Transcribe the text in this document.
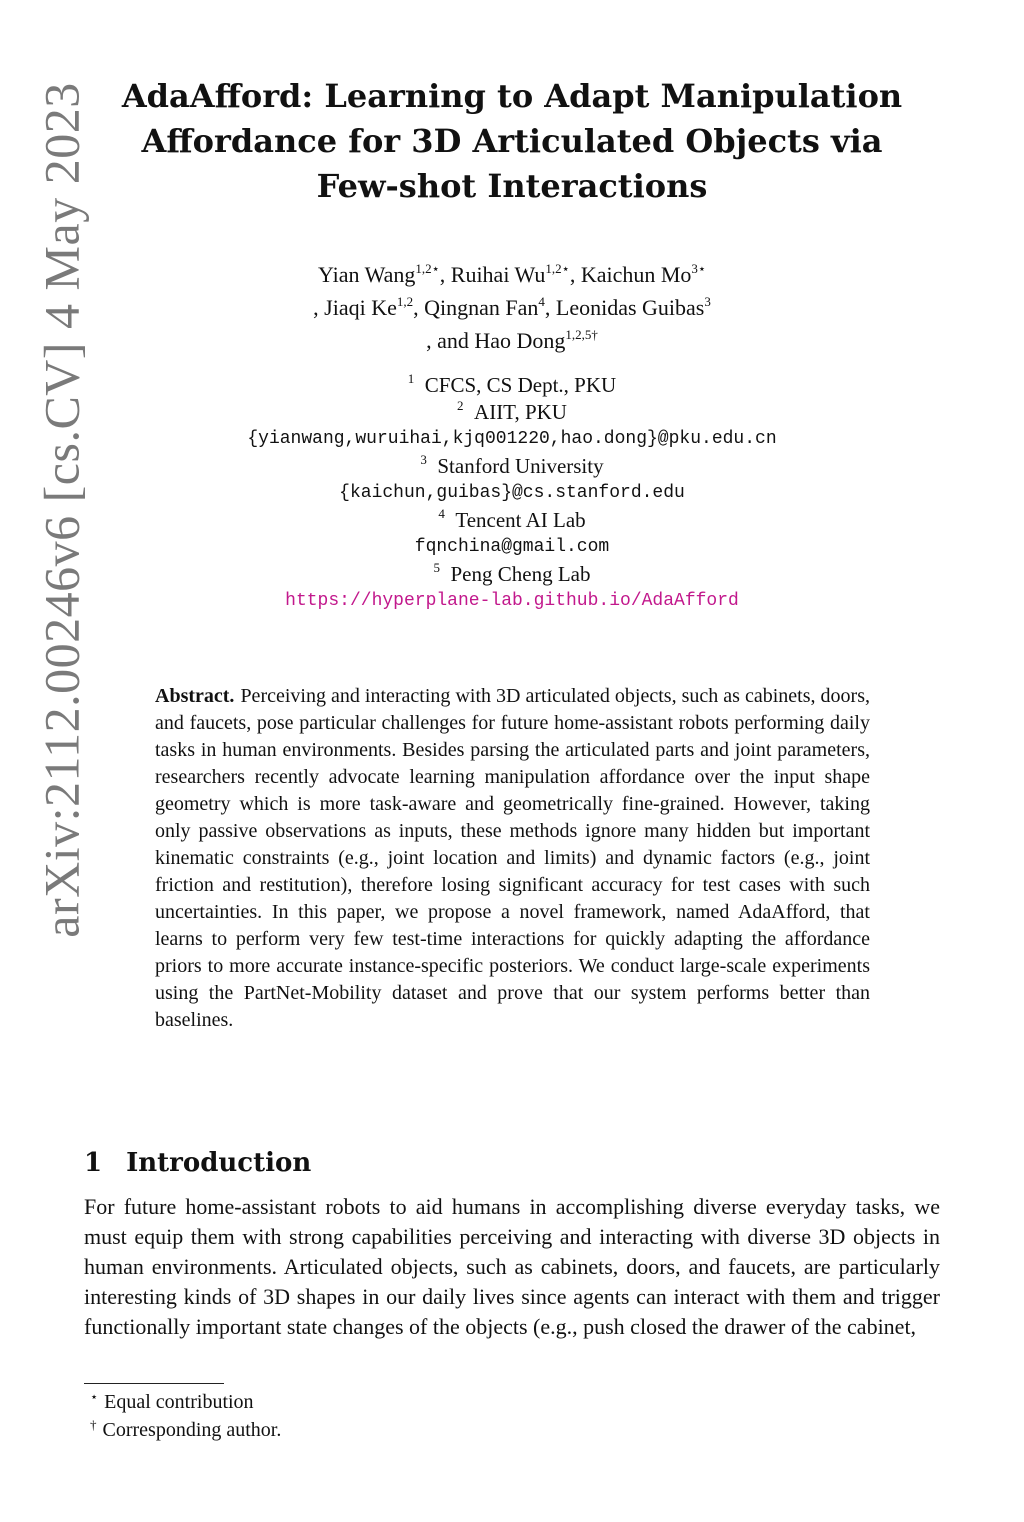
arXiv:2112.00246v6 [cs.CV] 4 May 2023 AdaAfford: Learning to Adapt Manipulation
Affordance for 3D Articulated Objects via
Few-shot Interactions
Yian Wang$^{1,2⋆}$, Ruihai $Wu^{1,2⋆}$, Kaichun $Mo^{3⋆}$
, Jiaqi Ke$^{1,2}$, Qingnan Fan$^4$, Leonidas Guibas$^3$
, and Hao Dong$^{1,2,5\dagger}$
$^1$ CFCS, CS Dept., PKU
$^2$ AIIT, PKU
{yianwang,wuruihai,kjq001220,hao.dong}@pku.edu.cn
$^3$ Stanford University
{kaichun,guibas}@cs.stanford.edu
$^4$ Tencent AI Lab
fqnchina@gmail.com
$^5$ Peng Cheng Lab
https://hyperplane-lab.github.io/AdaAfford
Abstract. Perceiving and interacting with 3D articulated objects, such as cabinets, doors, and faucets, pose particular challenges for future home-assistant robots performing daily tasks in human environments. Besides parsing the articulated parts and joint parameters, researchers recently advocate learning manipulation affordance over the input shape geometry which is more task-aware and geometrically fine-grained. However, taking only passive observations as inputs, these methods ignore many hidden but important kinematic constraints (e.g., joint location and limits) and dynamic factors (e.g., joint friction and restitution), therefore losing significant accuracy for test cases with such uncertainties. In this paper, we propose a novel framework, named AdaAfford, that learns to perform very few test-time interactions for quickly adapting the affordance priors to more accurate instance-specific posteriors. We conduct large-scale experiments using the PartNet-Mobility dataset and prove that our system performs better than baselines.
1 Introduction

For future home-assistant robots to aid humans in accomplishing diverse everyday tasks, we must equip them with strong capabilities perceiving and interacting with diverse 3D objects in human environments. Articulated objects, such as cabinets, doors, and faucets, are particularly interesting kinds of 3D shapes in our daily lives since agents can interact with them and trigger functionally important state changes of the objects (e.g., push closed the drawer of the cabinet,

⋆ Equal contribution
† Corresponding author.
